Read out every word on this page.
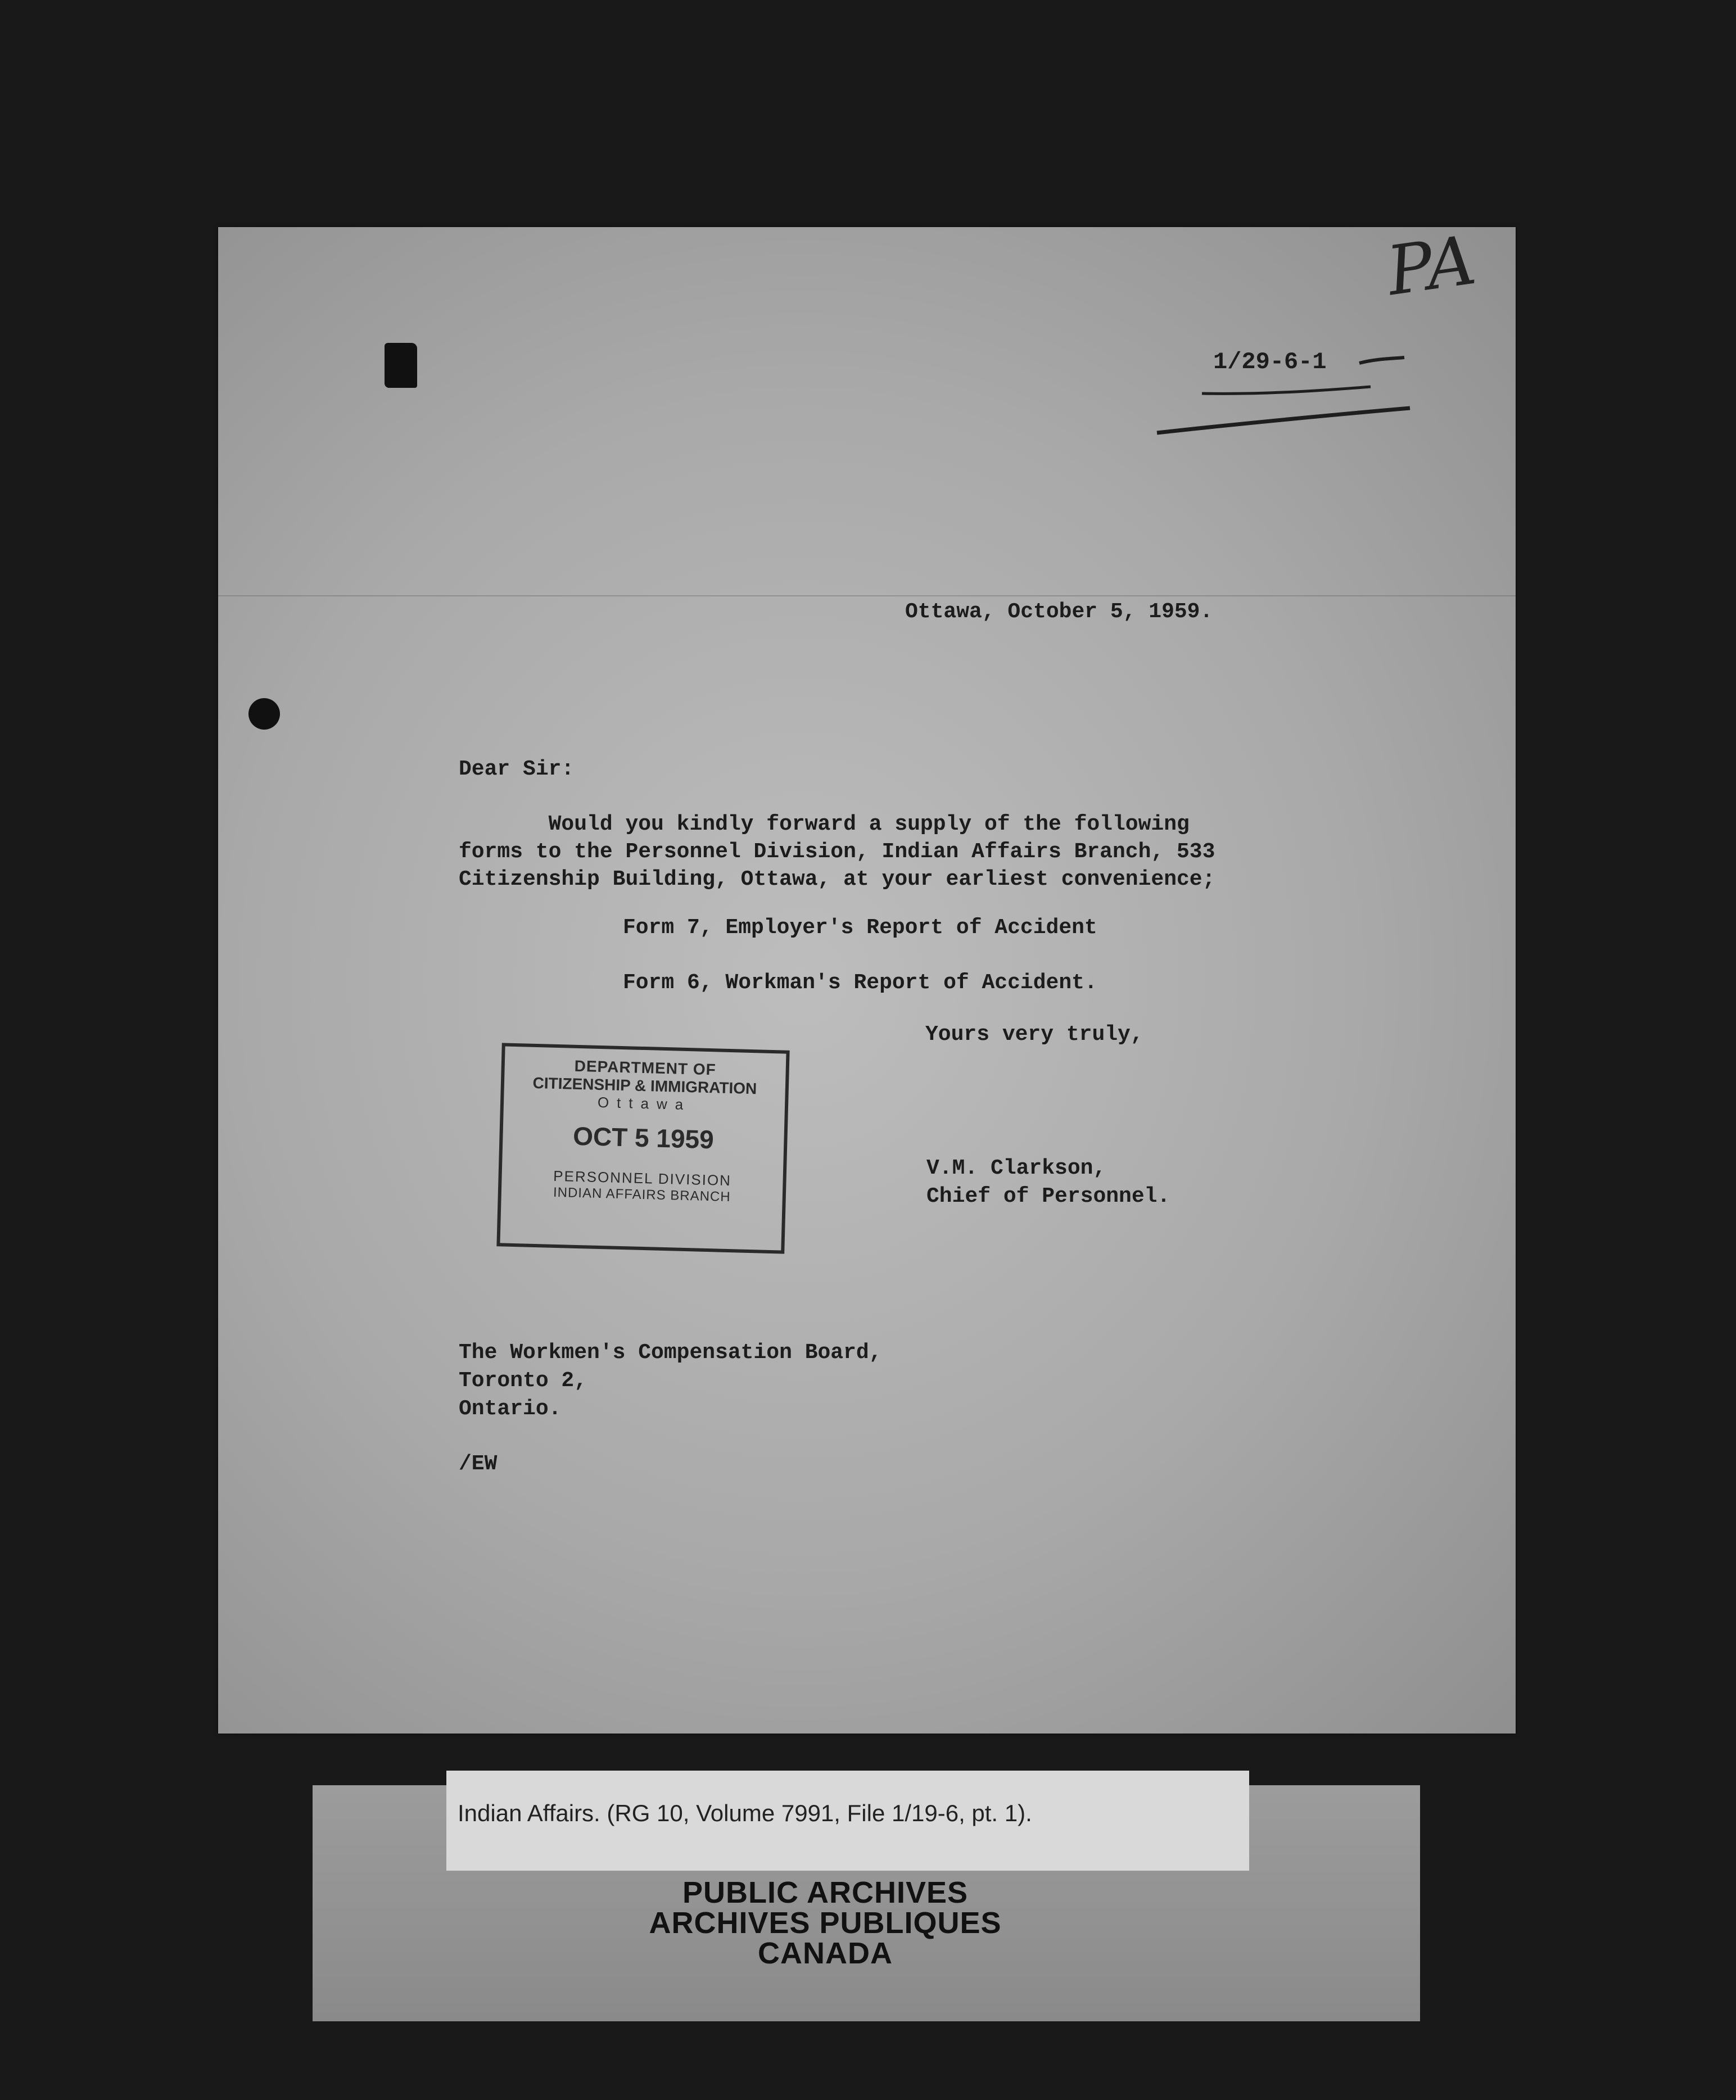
PA
1/29-6-1
Ottawa, October 5, 1959.
Dear Sir:
Would you kindly forward a supply of the following
forms to the Personnel Division, Indian Affairs Branch, 533
Citizenship Building, Ottawa, at your earliest convenience;
Form 7, Employer's Report of Accident
Form 6, Workman's Report of Accident.
Yours very truly,
V.M. Clarkson,
Chief of Personnel.
The Workmen's Compensation Board,
Toronto 2,
Ontario.
/EW
DEPARTMENT OF
CITIZENSHIP & IMMIGRATION
Ottawa
OCT 5 1959
PERSONNEL DIVISION
INDIAN AFFAIRS BRANCH
Indian Affairs. (RG 10, Volume 7991, File 1/19-6, pt. 1).
PUBLIC ARCHIVES
ARCHIVES PUBLIQUES
CANADA
